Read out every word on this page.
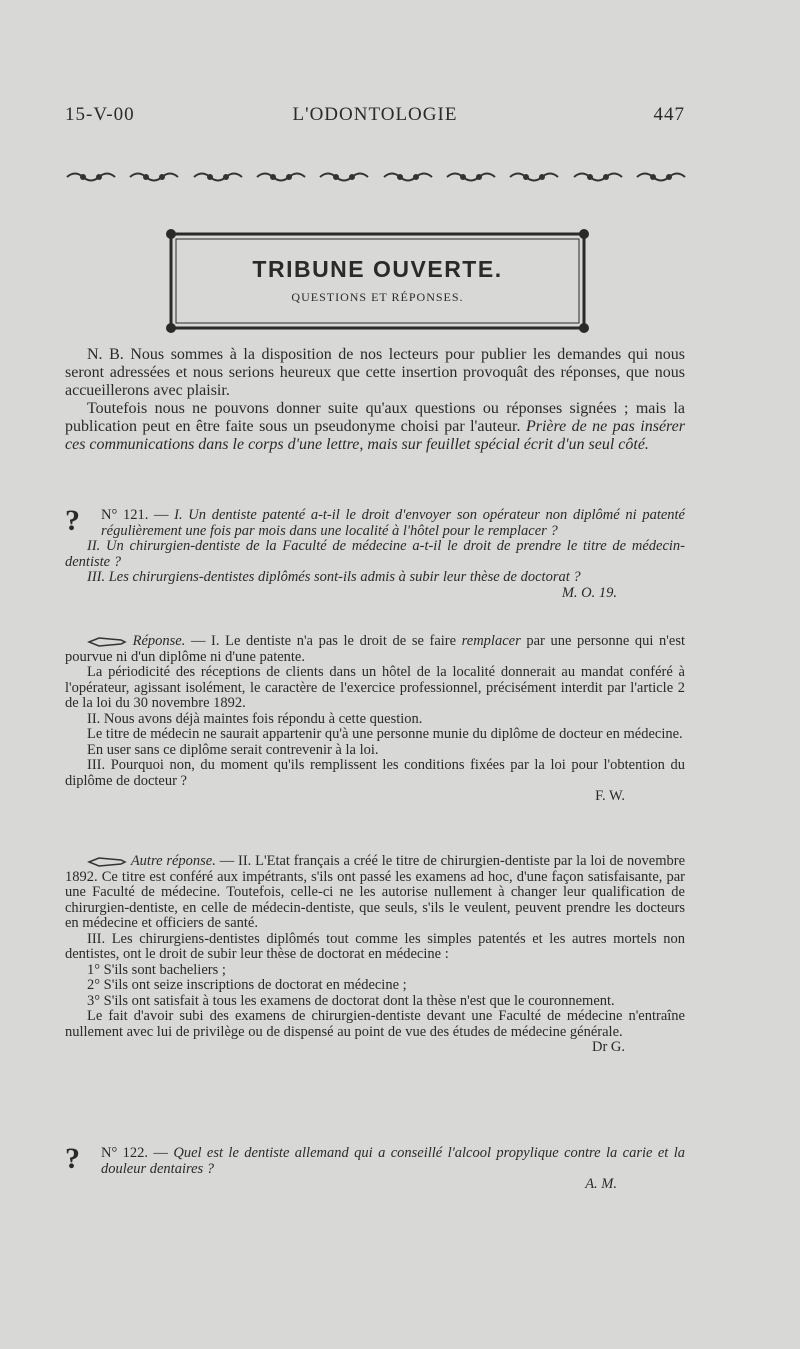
15-V-00	L'ODONTOLOGIE	447
TRIBUNE OUVERTE.
QUESTIONS ET RÉPONSES.

N. B. Nous sommes à la disposition de nos lecteurs pour publier les demandes qui nous seront adressées et nous serions heureux que cette insertion provoquât des réponses, que nous accueillerons avec plaisir.

Toutefois nous ne pouvons donner suite qu'aux questions ou réponses signées ; mais la publication peut en être faite sous un pseudonyme choisi par l'auteur. Prière de ne pas insérer ces communications dans le corps d'une lettre, mais sur feuillet spécial écrit d'un seul côté.

?	N° 121. — I. Un dentiste patenté a-t-il le droit d'envoyer son opérateur non diplômé ni patenté régulièrement une fois par mois dans une localité à l'hôtel pour le remplacer ?

II. Un chirurgien-dentiste de la Faculté de médecine a-t-il le droit de prendre le titre de médecin-dentiste ?

III. Les chirurgiens-dentistes diplômés sont-ils admis à subir leur thèse de doctorat ?

M. O. 19.

Réponse. — I. Le dentiste n'a pas le droit de se faire remplacer par une personne qui n'est pourvue ni d'un diplôme ni d'une patente.

La périodicité des réceptions de clients dans un hôtel de la localité donnerait au mandat conféré à l'opérateur, agissant isolément, le caractère de l'exercice professionnel, précisément interdit par l'article 2 de la loi du 30 novembre 1892.

II. Nous avons déjà maintes fois répondu à cette question.

Le titre de médecin ne saurait appartenir qu'à une personne munie du diplôme de docteur en médecine.

En user sans ce diplôme serait contrevenir à la loi.

III. Pourquoi non, du moment qu'ils remplissent les conditions fixées par la loi pour l'obtention du diplôme de docteur ?

F. W.

Autre réponse. — II. L'Etat français a créé le titre de chirurgien-dentiste par la loi de novembre 1892. Ce titre est conféré aux impétrants, s'ils ont passé les examens ad hoc, d'une façon satisfaisante, par une Faculté de médecine. Toutefois, celle-ci ne les autorise nullement à changer leur qualification de chirurgien-dentiste, en celle de médecin-dentiste, que seuls, s'ils le veulent, peuvent prendre les docteurs en médecine et officiers de santé.

III. Les chirurgiens-dentistes diplômés tout comme les simples patentés et les autres mortels non dentistes, ont le droit de subir leur thèse de doctorat en médecine :

1° S'ils sont bacheliers ;

2° S'ils ont seize inscriptions de doctorat en médecine ;

3° S'ils ont satisfait à tous les examens de doctorat dont la thèse n'est que le couronnement.

Le fait d'avoir subi des examens de chirurgien-dentiste devant une Faculté de médecine n'entraîne nullement avec lui de privilège ou de dispensé au point de vue des études de médecine générale.

Dr G.

?	N° 122. — Quel est le dentiste allemand qui a conseillé l'alcool propylique contre la carie et la douleur dentaires ?

A. M.
